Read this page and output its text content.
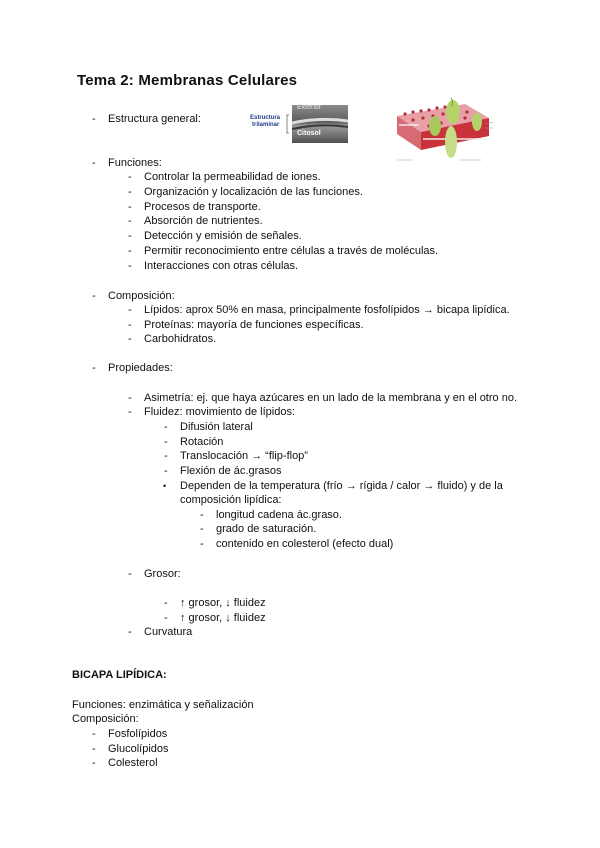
Tema 2: Membranas Celulares
- Estructura general:
Exterior
Citosol
Estructura
trilaminar
- Funciones:
- Controlar la permeabilidad de iones.
- Organización y localización de las funciones.
- Procesos de transporte.
- Absorción de nutrientes.
- Detección y emisión de señales.
- Permitir reconocimiento entre células a través de moléculas.
- Interacciones con otras células.
- Composición:
- Lípidos: aprox 50% en masa, principalmente fosfolípidos → bicapa lipídica.
- Proteínas: mayoría de funciones específicas.
- Carbohidratos.
- Propiedades:
- Asimetría: ej. que haya azúcares en un lado de la membrana y en el otro no.
- Fluidez: movimiento de lípidos:
- Difusión lateral
- Rotación
- Translocación → “flip-flop”
- Flexión de ác.grasos
• Dependen de la temperatura (frío → rígida / calor → fluido) y de la
composición lipídica:
- longitud cadena ác.graso.
- grado de saturación.
- contenido en colesterol (efecto dual)
- Grosor:
- ↑ grosor, ↓ fluidez
- ↑ grosor, ↓ fluidez
- Curvatura
BICAPA LIPÍDICA:
Funciones: enzimática y señalización
Composición:
- Fosfolípidos
- Glucolípidos
- Colesterol
